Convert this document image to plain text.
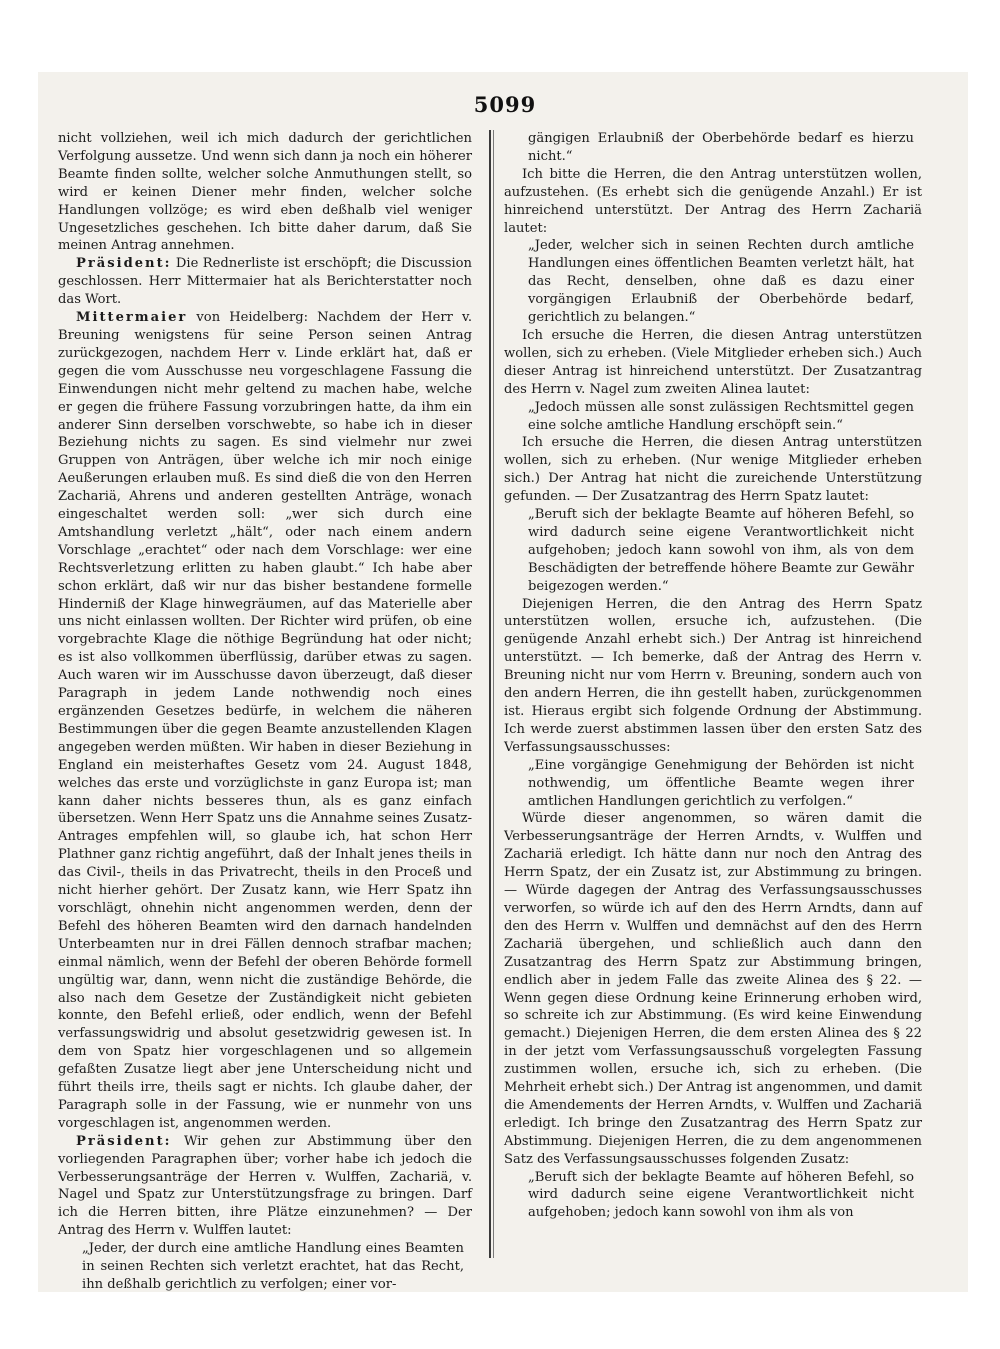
5099

nicht vollziehen, weil ich mich dadurch der gerichtlichen Verfolgung aussetze. Und wenn sich dann ja noch ein höherer Beamte finden sollte, welcher solche Anmuthungen stellt, so wird er keinen Diener mehr finden, welcher solche Handlungen vollzöge; es wird eben deßhalb viel weniger Ungesetzliches geschehen. Ich bitte daher darum, daß Sie meinen Antrag annehmen.

Präsident: Die Rednerliste ist erschöpft; die Discussion geschlossen. Herr Mittermaier hat als Berichterstatter noch das Wort.

Mittermaier von Heidelberg: Nachdem der Herr v. Breuning wenigstens für seine Person seinen Antrag zurückgezogen, nachdem Herr v. Linde erklärt hat, daß er gegen die vom Ausschusse neu vorgeschlagene Fassung die Einwendungen nicht mehr geltend zu machen habe, welche er gegen die frühere Fassung vorzubringen hatte, da ihm ein anderer Sinn derselben vorschwebte, so habe ich in dieser Beziehung nichts zu sagen. Es sind vielmehr nur zwei Gruppen von Anträgen, über welche ich mir noch einige Aeußerungen erlauben muß. Es sind dieß die von den Herren Zachariä, Ahrens und anderen gestellten Anträge, wonach eingeschaltet werden soll: „wer sich durch eine Amtshandlung verletzt „hält“, oder nach einem andern Vorschlage „erachtet“ oder nach dem Vorschlage: wer eine Rechtsverletzung erlitten zu haben glaubt.“ Ich habe aber schon erklärt, daß wir nur das bisher bestandene formelle Hinderniß der Klage hinwegräumen, auf das Materielle aber uns nicht einlassen wollten. Der Richter wird prüfen, ob eine vorgebrachte Klage die nöthige Begründung hat oder nicht; es ist also vollkommen überflüssig, darüber etwas zu sagen. Auch waren wir im Ausschusse davon überzeugt, daß dieser Paragraph in jedem Lande nothwendig noch eines ergänzenden Gesetzes bedürfe, in welchem die näheren Bestimmungen über die gegen Beamte anzustellenden Klagen angegeben werden müßten. Wir haben in dieser Beziehung in England ein meisterhaftes Gesetz vom 24. August 1848, welches das erste und vorzüglichste in ganz Europa ist; man kann daher nichts besseres thun, als es ganz einfach übersetzen. Wenn Herr Spatz uns die Annahme seines Zusatz-Antrages empfehlen will, so glaube ich, hat schon Herr Plathner ganz richtig angeführt, daß der Inhalt jenes theils in das Civil-, theils in das Privatrecht, theils in den Proceß und nicht hierher gehört. Der Zusatz kann, wie Herr Spatz ihn vorschlägt, ohnehin nicht angenommen werden, denn der Befehl des höheren Beamten wird den darnach handelnden Unterbeamten nur in drei Fällen dennoch strafbar machen; einmal nämlich, wenn der Befehl der oberen Behörde formell ungültig war, dann, wenn nicht die zuständige Behörde, die also nach dem Gesetze der Zuständigkeit nicht gebieten konnte, den Befehl erließ, oder endlich, wenn der Befehl verfassungswidrig und absolut gesetzwidrig gewesen ist. In dem von Spatz hier vorgeschlagenen und so allgemein gefaßten Zusatze liegt aber jene Unterscheidung nicht und führt theils irre, theils sagt er nichts. Ich glaube daher, der Paragraph solle in der Fassung, wie er nunmehr von uns vorgeschlagen ist, angenommen werden.

Präsident: Wir gehen zur Abstimmung über den vorliegenden Paragraphen über; vorher habe ich jedoch die Verbesserungsanträge der Herren v. Wulffen, Zachariä, v. Nagel und Spatz zur Unterstützungsfrage zu bringen. Darf ich die Herren bitten, ihre Plätze einzunehmen? — Der Antrag des Herrn v. Wulffen lautet:

„Jeder, der durch eine amtliche Handlung eines Beamten in seinen Rechten sich verletzt erachtet, hat das Recht, ihn deßhalb gerichtlich zu verfolgen; einer vor-

gängigen Erlaubniß der Oberbehörde bedarf es hierzu nicht.“

Ich bitte die Herren, die den Antrag unterstützen wollen, aufzustehen. (Es erhebt sich die genügende Anzahl.) Er ist hinreichend unterstützt. Der Antrag des Herrn Zachariä lautet:

„Jeder, welcher sich in seinen Rechten durch amtliche Handlungen eines öffentlichen Beamten verletzt hält, hat das Recht, denselben, ohne daß es dazu einer vorgängigen Erlaubniß der Oberbehörde bedarf, gerichtlich zu belangen.“

Ich ersuche die Herren, die diesen Antrag unterstützen wollen, sich zu erheben. (Viele Mitglieder erheben sich.) Auch dieser Antrag ist hinreichend unterstützt. Der Zusatzantrag des Herrn v. Nagel zum zweiten Alinea lautet:

„Jedoch müssen alle sonst zulässigen Rechtsmittel gegen eine solche amtliche Handlung erschöpft sein.“

Ich ersuche die Herren, die diesen Antrag unterstützen wollen, sich zu erheben. (Nur wenige Mitglieder erheben sich.) Der Antrag hat nicht die zureichende Unterstützung gefunden. — Der Zusatzantrag des Herrn Spatz lautet:

„Beruft sich der beklagte Beamte auf höheren Befehl, so wird dadurch seine eigene Verantwortlichkeit nicht aufgehoben; jedoch kann sowohl von ihm, als von dem Beschädigten der betreffende höhere Beamte zur Gewähr beigezogen werden.“

Diejenigen Herren, die den Antrag des Herrn Spatz unterstützen wollen, ersuche ich, aufzustehen. (Die genügende Anzahl erhebt sich.) Der Antrag ist hinreichend unterstützt. — Ich bemerke, daß der Antrag des Herrn v. Breuning nicht nur vom Herrn v. Breuning, sondern auch von den andern Herren, die ihn gestellt haben, zurückgenommen ist. Hieraus ergibt sich folgende Ordnung der Abstimmung. Ich werde zuerst abstimmen lassen über den ersten Satz des Verfassungsausschusses:

„Eine vorgängige Genehmigung der Behörden ist nicht nothwendig, um öffentliche Beamte wegen ihrer amtlichen Handlungen gerichtlich zu verfolgen.“

Würde dieser angenommen, so wären damit die Verbesserungsanträge der Herren Arndts, v. Wulffen und Zachariä erledigt. Ich hätte dann nur noch den Antrag des Herrn Spatz, der ein Zusatz ist, zur Abstimmung zu bringen. — Würde dagegen der Antrag des Verfassungsausschusses verworfen, so würde ich auf den des Herrn Arndts, dann auf den des Herrn v. Wulffen und demnächst auf den des Herrn Zachariä übergehen, und schließlich auch dann den Zusatzantrag des Herrn Spatz zur Abstimmung bringen, endlich aber in jedem Falle das zweite Alinea des § 22. — Wenn gegen diese Ordnung keine Erinnerung erhoben wird, so schreite ich zur Abstimmung. (Es wird keine Einwendung gemacht.) Diejenigen Herren, die dem ersten Alinea des § 22 in der jetzt vom Verfassungsausschuß vorgelegten Fassung zustimmen wollen, ersuche ich, sich zu erheben. (Die Mehrheit erhebt sich.) Der Antrag ist angenommen, und damit die Amendements der Herren Arndts, v. Wulffen und Zachariä erledigt. Ich bringe den Zusatzantrag des Herrn Spatz zur Abstimmung. Diejenigen Herren, die zu dem angenommenen Satz des Verfassungsausschusses folgenden Zusatz:

„Beruft sich der beklagte Beamte auf höheren Befehl, so wird dadurch seine eigene Verantwortlichkeit nicht aufgehoben; jedoch kann sowohl von ihm als von
